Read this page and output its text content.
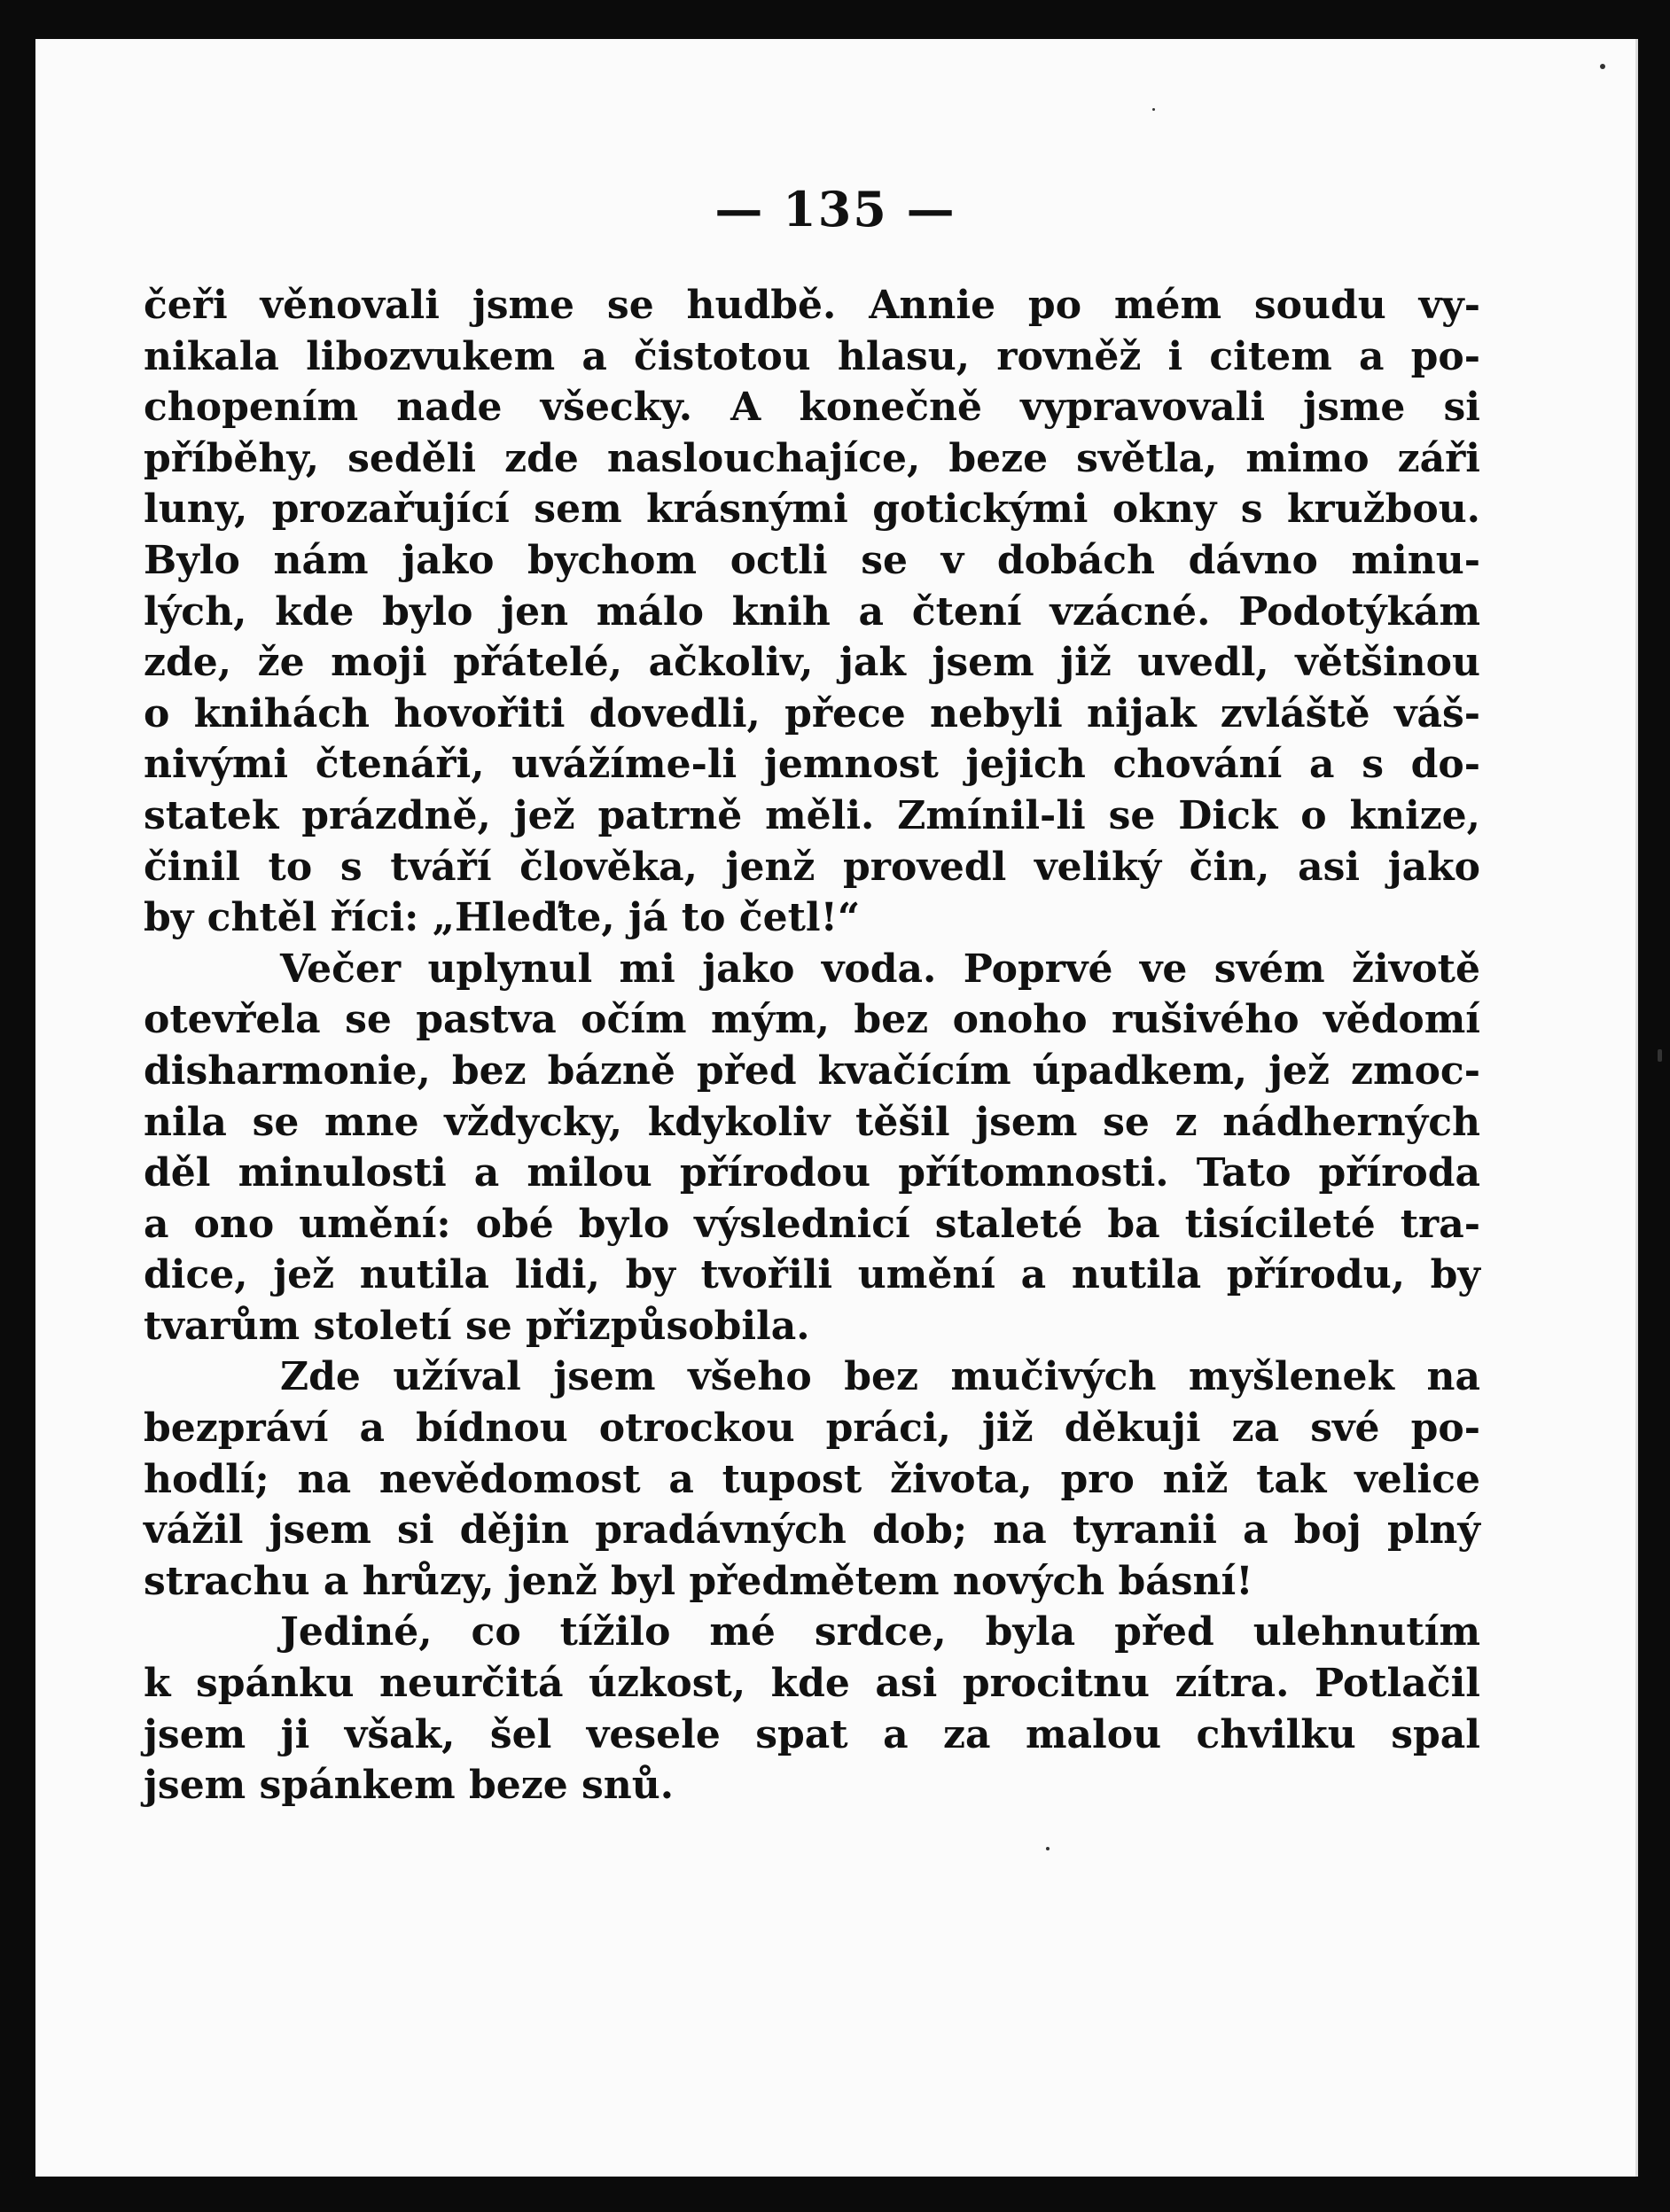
— 135 —

čeři věnovali jsme se hudbě. Annie po mém soudu vy-

nikala libozvukem a čistotou hlasu, rovněž i citem a po-

chopením nade všecky. A konečně vypravovali jsme si

příběhy, seděli zde naslouchajíce, beze světla, mimo záři

luny, prozařující sem krásnými gotickými okny s kružbou.

Bylo nám jako bychom octli se v dobách dávno minu-

lých, kde bylo jen málo knih a čtení vzácné. Podotýkám

zde, že moji přátelé, ačkoliv, jak jsem již uvedl, většinou

o knihách hovořiti dovedli, přece nebyli nijak zvláště váš-

nivými čtenáři, uvážíme-li jemnost jejich chování a s do-

statek prázdně, jež patrně měli. Zmínil-li se Dick o knize,

činil to s tváří člověka, jenž provedl veliký čin, asi jako

by chtěl říci: „Hleďte, já to četl!“

Večer uplynul mi jako voda. Poprvé ve svém životě

otevřela se pastva očím mým, bez onoho rušivého vědomí

disharmonie, bez bázně před kvačícím úpadkem, jež zmoc-

nila se mne vždycky, kdykoliv těšil jsem se z nádherných

děl minulosti a milou přírodou přítomnosti. Tato příroda

a ono umění: obé bylo výslednicí staleté ba tisícileté tra-

dice, jež nutila lidi, by tvořili umění a nutila přírodu, by

tvarům století se přizpůsobila.

Zde užíval jsem všeho bez mučivých myšlenek na

bezpráví a bídnou otrockou práci, již děkuji za své po-

hodlí; na nevědomost a tupost života, pro niž tak velice

vážil jsem si dějin pradávných dob; na tyranii a boj plný

strachu a hrůzy, jenž byl předmětem nových básní!

Jediné, co tížilo mé srdce, byla před ulehnutím

k spánku neurčitá úzkost, kde asi procitnu zítra. Potlačil

jsem ji však, šel vesele spat a za malou chvilku spal

jsem spánkem beze snů.
